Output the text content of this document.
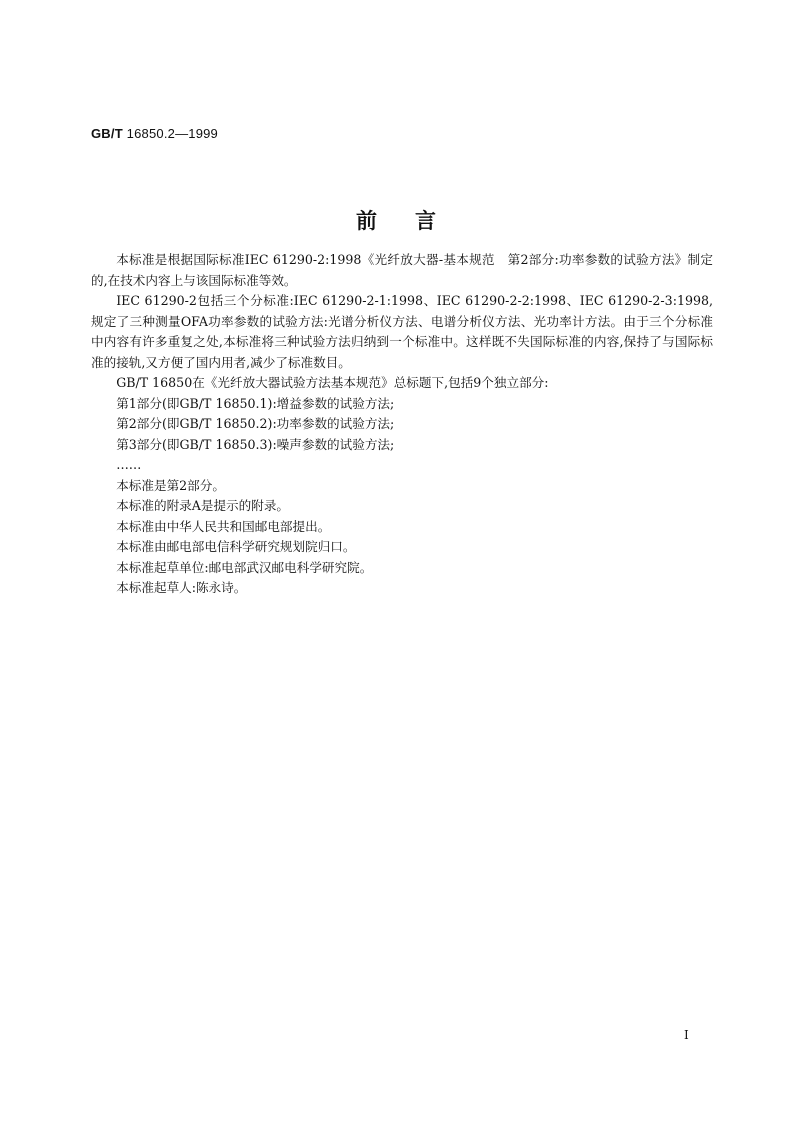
GB/T 16850.2—1999
前言

本标准是根据国际标准IEC 61290-2:1998《光纤放大器-基本规范　第2部分:功率参数的试验方法》制定的,在技术内容上与该国际标准等效。

IEC 61290-2包括三个分标准:IEC 61290-2-1:1998、IEC 61290-2-2:1998、IEC 61290-2-3:1998,规定了三种测量OFA功率参数的试验方法:光谱分析仪方法、电谱分析仪方法、光功率计方法。由于三个分标准中内容有许多重复之处,本标准将三种试验方法归纳到一个标准中。这样既不失国际标准的内容,保持了与国际标准的接轨,又方便了国内用者,减少了标准数目。

GB/T 16850在《光纤放大器试验方法基本规范》总标题下,包括9个独立部分:

第1部分(即GB/T 16850.1):增益参数的试验方法;

第2部分(即GB/T 16850.2):功率参数的试验方法;

第3部分(即GB/T 16850.3):噪声参数的试验方法;

……

本标准是第2部分。

本标准的附录A是提示的附录。

本标准由中华人民共和国邮电部提出。

本标准由邮电部电信科学研究规划院归口。

本标准起草单位:邮电部武汉邮电科学研究院。

本标准起草人:陈永诗。

I
